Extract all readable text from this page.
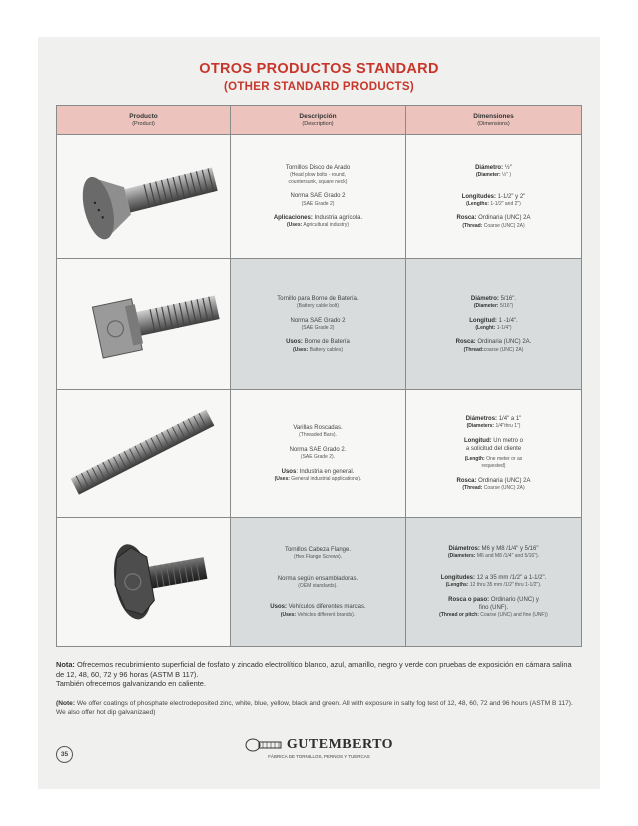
OTROS PRODUCTOS STANDARD
(OTHER STANDARD PRODUCTS)
Producto
(Product)
Descripción
(Description)
Dimensiones
(Dimensions)
Tornillos Disco de Arado
(Head plow bolts - round,
countersunk, square neck)
Norma SAE Grado 2
(SAE Grade 2)
Aplicaciones: Industria agrícola.
(Uses: Agricultural industry)
Diámetro: ½"
(Diameter: ½" )
Longitudes: 1-1/2" y 2"
(Lengths: 1-1/2" and 2")
Rosca: Ordinaria (UNC) 2A
(Thread: Coarse (UNC) 2A)
Tornillo para Borne de Batería.
(Battery cable bolt)
Norma SAE Grado 2
(SAE Grade 2)
Usos: Borne de Batería
(Uses: Battery cables)
Diámetro: 5/16".
(Diameter: 5/16")
Longitud: 1 -1/4".
(Lenght: 1-1/4")
Rosca: Ordinaria (UNC) 2A.
(Thread:coarse (UNC) 2A)
Varillas Roscadas.
(Threaded Bars).
Norma SAE Grado 2.
(SAE Grade 2).
Usos: Industria en general.
(Uses: General industrial applications).
Diámetros: 1/4" a 1"
(Diameters: 1/4"thru 1")
Longitud: Un metro o
a solicitud del cliente
(Length: One meter or as
requested)
Rosca: Ordinaria (UNC) 2A
(Thread: Coarse (UNC) 2A)
Tornillos Cabeza Flange.
(Hex Flange Screws).
Norma según ensambladoras.
(OEM standards).
Usos: Vehículos diferentes marcas.
(Uses: Vehicles different brands).
Diámetros: M6 y M8 /1/4" y 5/16"
(Diameters: M6 and M8 /1/4" and 5/16").
Longitudes: 12 a 35 mm /1/2" a 1-1/2".
(Lengths: 12 thru 35 mm /1/2" thru 1-1/2").
Rosca o paso: Ordinario (UNC) y
fino (UNF).
(Thread or pitch: Coarse (UNC) and fine (UNF))
Nota: Ofrecemos recubrimiento superficial de fosfato y zincado electrolítico blanco, azul, amarillo, negro y verde con pruebas de exposición en cámara salina de 12, 48, 60, 72 y 96 horas (ASTM B 117).
También ofrecemos galvanizando en caliente.
(Note: We offer coatings of phosphate electrodeposited zinc, white, blue, yellow, black and green. All with exposure in salty fog test of 12, 48, 60, 72 and 96 hours (ASTM B 117). We also offer hot dip galvanizaed)
35
GUTEMBERTO
FÁBRICA DE TORNILLOS, PERNOS Y TUERCAS
